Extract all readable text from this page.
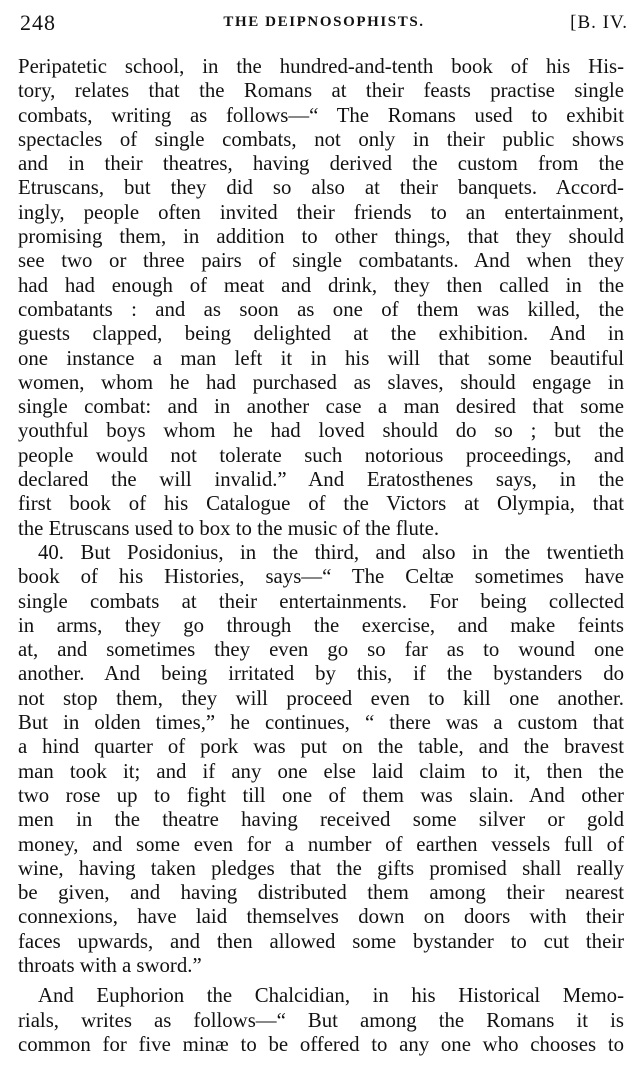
248	THE DEIPNOSOPHISTS.	[B. IV.
Peripatetic school, in the hundred-and-tenth book of his His-
tory, relates that the Romans at their feasts practise single
combats, writing as follows—“ The Romans used to exhibit
spectacles of single combats, not only in their public shows
and in their theatres, having derived the custom from the
Etruscans, but they did so also at their banquets. Accord-
ingly, people often invited their friends to an entertainment,
promising them, in addition to other things, that they should
see two or three pairs of single combatants. And when they
had had enough of meat and drink, they then called in the
combatants : and as soon as one of them was killed, the
guests clapped, being delighted at the exhibition. And in
one instance a man left it in his will that some beautiful
women, whom he had purchased as slaves, should engage in
single combat: and in another case a man desired that some
youthful boys whom he had loved should do so ; but the
people would not tolerate such notorious proceedings, and
declared the will invalid.” And Eratosthenes says, in the
first book of his Catalogue of the Victors at Olympia, that
the Etruscans used to box to the music of the flute.
40. But Posidonius, in the third, and also in the twentieth
book of his Histories, says—“ The Celtæ sometimes have
single combats at their entertainments. For being collected
in arms, they go through the exercise, and make feints
at, and sometimes they even go so far as to wound one
another. And being irritated by this, if the bystanders do
not stop them, they will proceed even to kill one another.
But in olden times,” he continues, “ there was a custom that
a hind quarter of pork was put on the table, and the bravest
man took it; and if any one else laid claim to it, then the
two rose up to fight till one of them was slain. And other
men in the theatre having received some silver or gold
money, and some even for a number of earthen vessels full of
wine, having taken pledges that the gifts promised shall really
be given, and having distributed them among their nearest
connexions, have laid themselves down on doors with their
faces upwards, and then allowed some bystander to cut their
throats with a sword.”
And Euphorion the Chalcidian, in his Historical Memo-
rials, writes as follows—“ But among the Romans it is
common for five minæ to be offered to any one who chooses to
